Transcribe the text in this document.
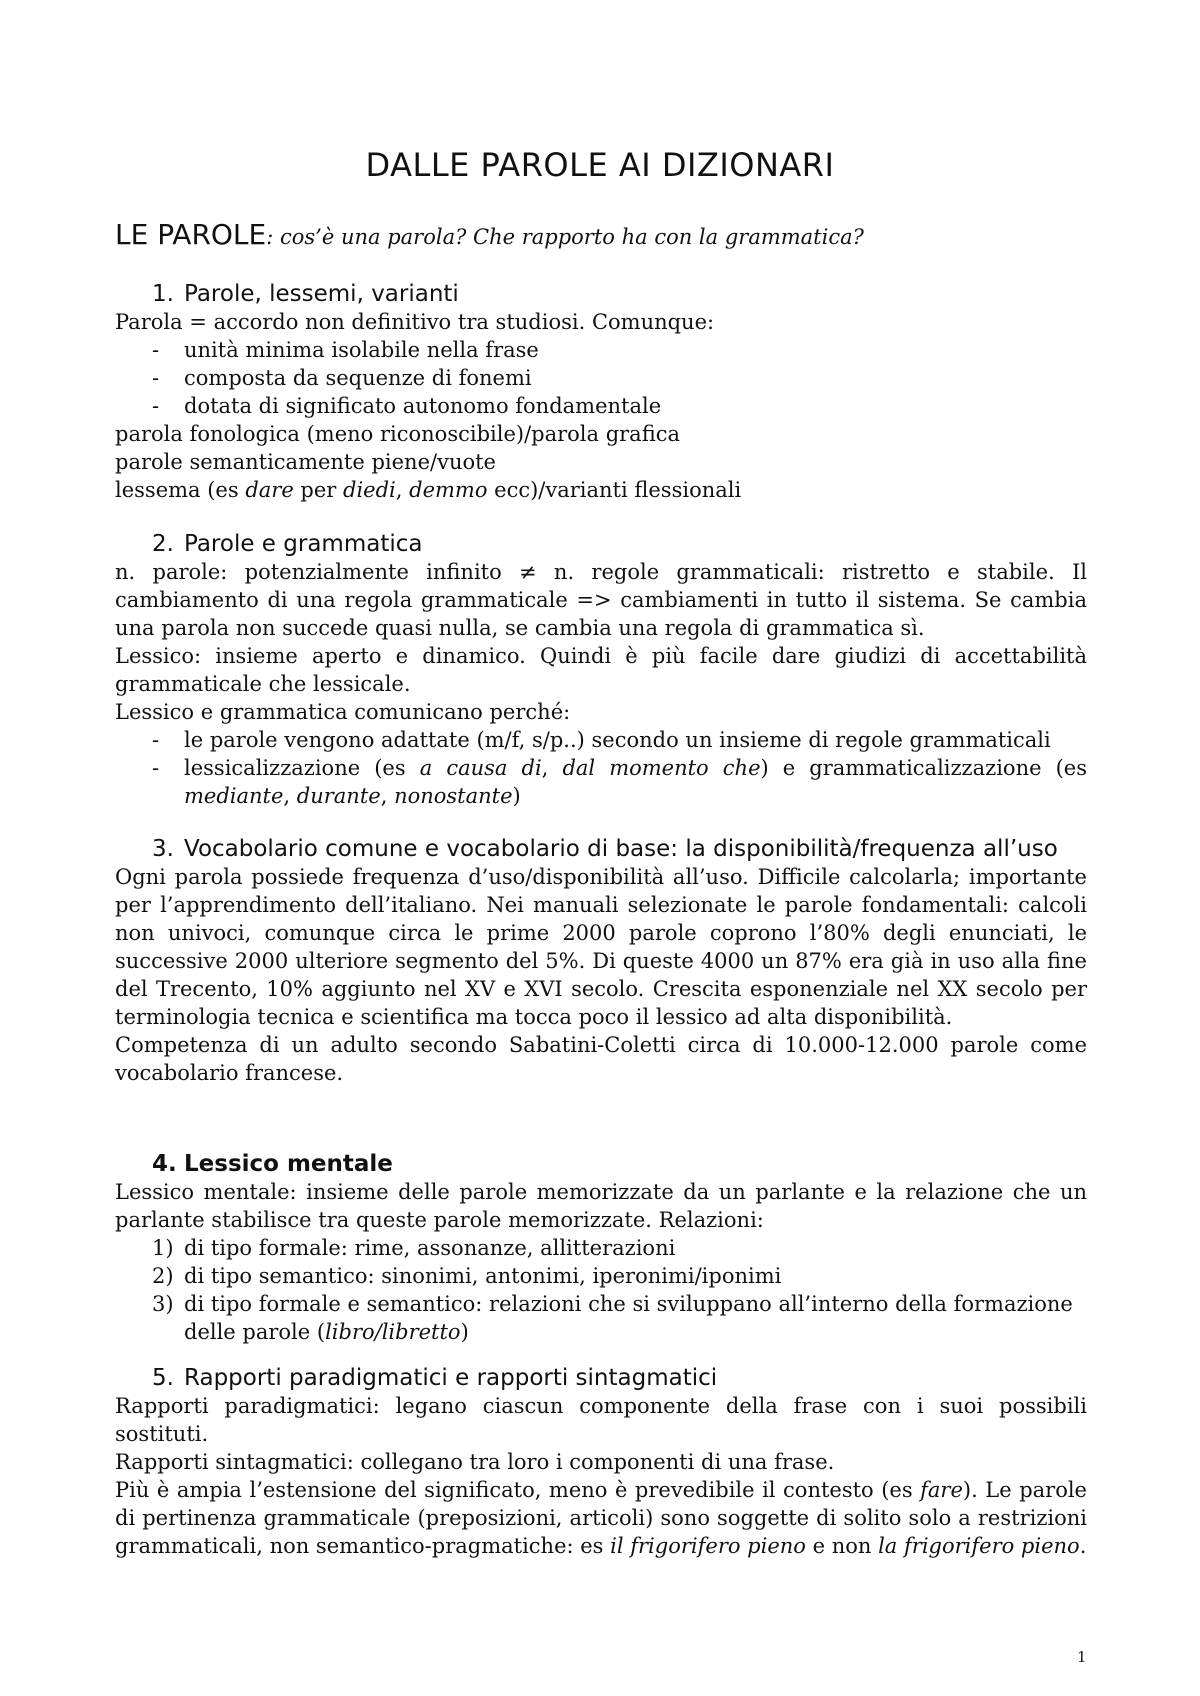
DALLE PAROLE AI DIZIONARI
LE PAROLE: cos’è una parola? Che rapporto ha con la grammatica?
1. Parole, lessemi, varianti

Parola = accordo non definitivo tra studiosi. Comunque:

-	unità minima isolabile nella frase
-	composta da sequenze di fonemi
-	dotata di significato autonomo fondamentale

parola fonologica (meno riconoscibile)/parola grafica

parole semanticamente piene/vuote

lessema (es dare per diedi, demmo ecc)/varianti flessionali

2. Parole e grammatica

n. parole: potenzialmente infinito ≠ n. regole grammaticali: ristretto e stabile. Il cambiamento di una regola grammaticale => cambiamenti in tutto il sistema. Se cambia una parola non succede quasi nulla, se cambia una regola di grammatica sì.

Lessico: insieme aperto e dinamico. Quindi è più facile dare giudizi di accettabilità grammaticale che lessicale.

Lessico e grammatica comunicano perché:

-	le parole vengono adattate (m/f, s/p..) secondo un insieme di regole grammaticali
-	lessicalizzazione (es a causa di, dal momento che) e grammaticalizzazione (es mediante, durante, nonostante)
3. Vocabolario comune e vocabolario di base: la disponibilità/frequenza all’uso

Ogni parola possiede frequenza d’uso/disponibilità all’uso. Difficile calcolarla; importante per l’apprendimento dell’italiano. Nei manuali selezionate le parole fondamentali: calcoli non univoci, comunque circa le prime 2000 parole coprono l’80% degli enunciati, le successive 2000 ulteriore segmento del 5%. Di queste 4000 un 87% era già in uso alla fine del Trecento, 10% aggiunto nel XV e XVI secolo. Crescita esponenziale nel XX secolo per terminologia tecnica e scientifica ma tocca poco il lessico ad alta disponibilità.

Competenza di un adulto secondo Sabatini-Coletti circa di 10.000-12.000 parole come vocabolario francese.

4. Lessico mentale

Lessico mentale: insieme delle parole memorizzate da un parlante e la relazione che un parlante stabilisce tra queste parole memorizzate. Relazioni:

1) di tipo formale: rime, assonanze, allitterazioni
2) di tipo semantico: sinonimi, antonimi, iperonimi/iponimi
3) di tipo formale e semantico: relazioni che si sviluppano all’interno della formazione delle parole (libro/libretto)
5. Rapporti paradigmatici e rapporti sintagmatici

Rapporti paradigmatici: legano ciascun componente della frase con i suoi possibili sostituti.

Rapporti sintagmatici: collegano tra loro i componenti di una frase.

Più è ampia l’estensione del significato, meno è prevedibile il contesto (es fare). Le parole di pertinenza grammaticale (preposizioni, articoli) sono soggette di solito solo a restrizioni grammaticali, non semantico-pragmatiche: es il frigorifero pieno e non la frigorifero pieno.

1
